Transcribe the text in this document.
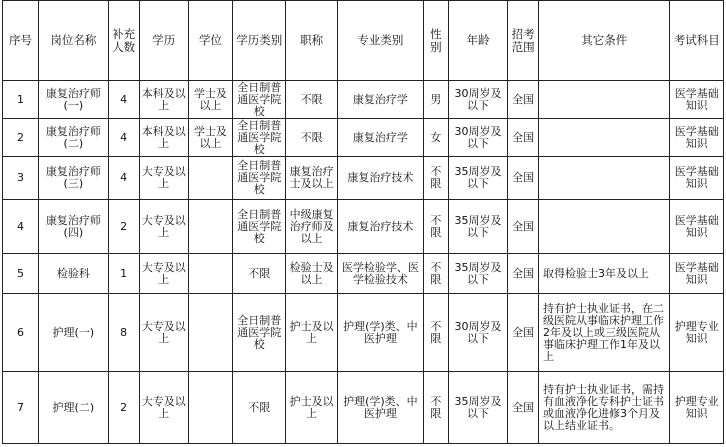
序号	岗位名称	补充人数	学历	学位	学历类别	职称	专业类别	性别	年龄	招考范围	其它条件	考试科目
1	康复治疗师(一)	4	本科及以上	学士及以上	全日制普通医学院校	不限	康复治疗学	男	30周岁及以下	全国		医学基础知识
2	康复治疗师(二)	4	本科及以上	学士及以上	全日制普通医学院校	不限	康复治疗学	女	30周岁及以下	全国		医学基础知识
3	康复治疗师(三)	4	大专及以上		全日制普通医学院校	康复治疗士及以上	康复治疗技术	不限	35周岁及以下	全国		医学基础知识
4	康复治疗师(四)	2	大专及以上		全日制普通医学院校	中级康复治疗师及以上	康复治疗技术	不限	35周岁及以下	全国		医学基础知识
5	检验科	1	大专及以上		不限	检验士及以上	医学检验学、医学检验技术	不限	35周岁及以下	全国	取得检验士3年及以上	医学基础知识
6	护理(一)	8	大专及以上		全日制普通医学院校	护士及以上	护理(学)类、中医护理	不限	30周岁及以下	全国	持有护士执业证书，在二级医院从事临床护理工作2年及以上或三级医院从事临床护理工作1年及以上	护理专业知识
7	护理(二)	2	大专及以上		不限	护士及以上	护理(学)类、中医护理	不限	35周岁及以下	全国	持有护士执业证书，需持有血液净化专科护士证书或血液净化进修3个月及以上结业证书。	护理专业知识
